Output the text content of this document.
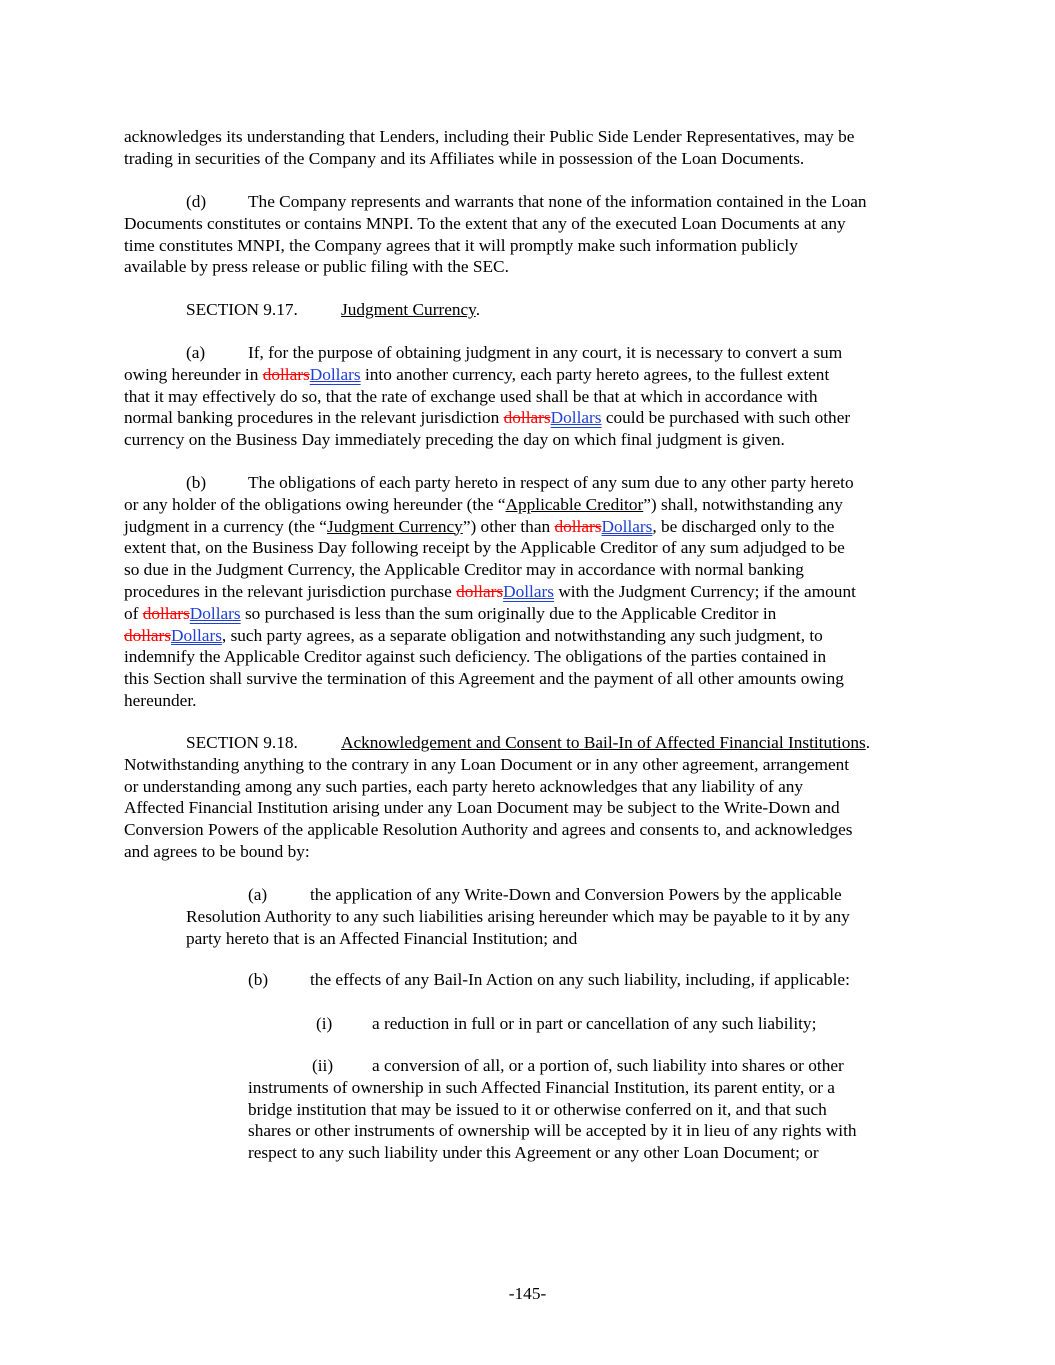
acknowledges its understanding that Lenders, including their Public Side Lender Representatives, may be
trading in securities of the Company and its Affiliates while in possession of the Loan Documents.
(d) The Company represents and warrants that none of the information contained in the Loan
Documents constitutes or contains MNPI. To the extent that any of the executed Loan Documents at any
time constitutes MNPI, the Company agrees that it will promptly make such information publicly
available by press release or public filing with the SEC.
SECTION 9.17. Judgment Currency.
(a) If, for the purpose of obtaining judgment in any court, it is necessary to convert a sum
owing hereunder in dollarsDollars into another currency, each party hereto agrees, to the fullest extent
that it may effectively do so, that the rate of exchange used shall be that at which in accordance with
normal banking procedures in the relevant jurisdiction dollarsDollars could be purchased with such other
currency on the Business Day immediately preceding the day on which final judgment is given.
(b) The obligations of each party hereto in respect of any sum due to any other party hereto
or any holder of the obligations owing hereunder (the “Applicable Creditor”) shall, notwithstanding any
judgment in a currency (the “Judgment Currency”) other than dollarsDollars, be discharged only to the
extent that, on the Business Day following receipt by the Applicable Creditor of any sum adjudged to be
so due in the Judgment Currency, the Applicable Creditor may in accordance with normal banking
procedures in the relevant jurisdiction purchase dollarsDollars with the Judgment Currency; if the amount
of dollarsDollars so purchased is less than the sum originally due to the Applicable Creditor in
dollarsDollars, such party agrees, as a separate obligation and notwithstanding any such judgment, to
indemnify the Applicable Creditor against such deficiency. The obligations of the parties contained in
this Section shall survive the termination of this Agreement and the payment of all other amounts owing
hereunder.
SECTION 9.18. Acknowledgement and Consent to Bail-In of Affected Financial Institutions.
Notwithstanding anything to the contrary in any Loan Document or in any other agreement, arrangement
or understanding among any such parties, each party hereto acknowledges that any liability of any
Affected Financial Institution arising under any Loan Document may be subject to the Write-Down and
Conversion Powers of the applicable Resolution Authority and agrees and consents to, and acknowledges
and agrees to be bound by:
(a) the application of any Write-Down and Conversion Powers by the applicable
Resolution Authority to any such liabilities arising hereunder which may be payable to it by any
party hereto that is an Affected Financial Institution; and
(b) the effects of any Bail-In Action on any such liability, including, if applicable:
(i) a reduction in full or in part or cancellation of any such liability;
(ii) a conversion of all, or a portion of, such liability into shares or other
instruments of ownership in such Affected Financial Institution, its parent entity, or a
bridge institution that may be issued to it or otherwise conferred on it, and that such
shares or other instruments of ownership will be accepted by it in lieu of any rights with
respect to any such liability under this Agreement or any other Loan Document; or
-145-
